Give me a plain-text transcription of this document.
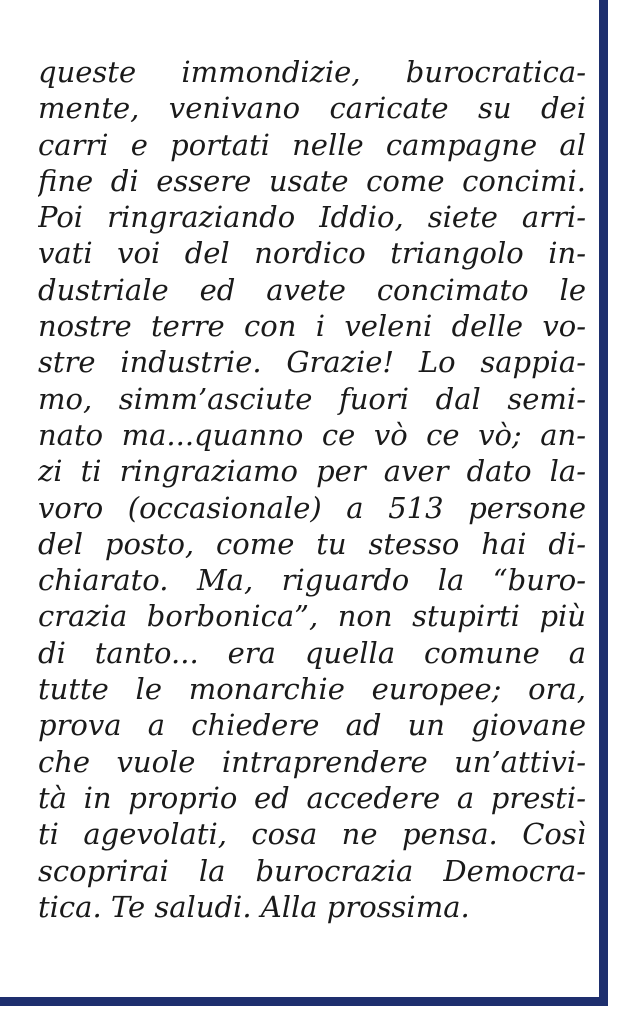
queste immondizie, burocratica-
mente, venivano caricate su dei
carri e portati nelle campagne al
fine di essere usate come concimi.
Poi ringraziando Iddio, siete arri-
vati voi del nordico triangolo in-
dustriale ed avete concimato le
nostre terre con i veleni delle vo-
stre industrie. Grazie! Lo sappia-
mo, simm’asciute fuori dal semi-
nato ma...quanno ce vò ce vò; an-
zi ti ringraziamo per aver dato la-
voro (occasionale) a 513 persone
del posto, come tu stesso hai di-
chiarato. Ma, riguardo la “buro-
crazia borbonica”, non stupirti più
di tanto... era quella comune a
tutte le monarchie europee; ora,
prova a chiedere ad un giovane
che vuole intraprendere un’attivi-
tà in proprio ed accedere a presti-
ti agevolati, cosa ne pensa. Così
scoprirai la burocrazia Democra-
tica. Te saludi. Alla prossima.
